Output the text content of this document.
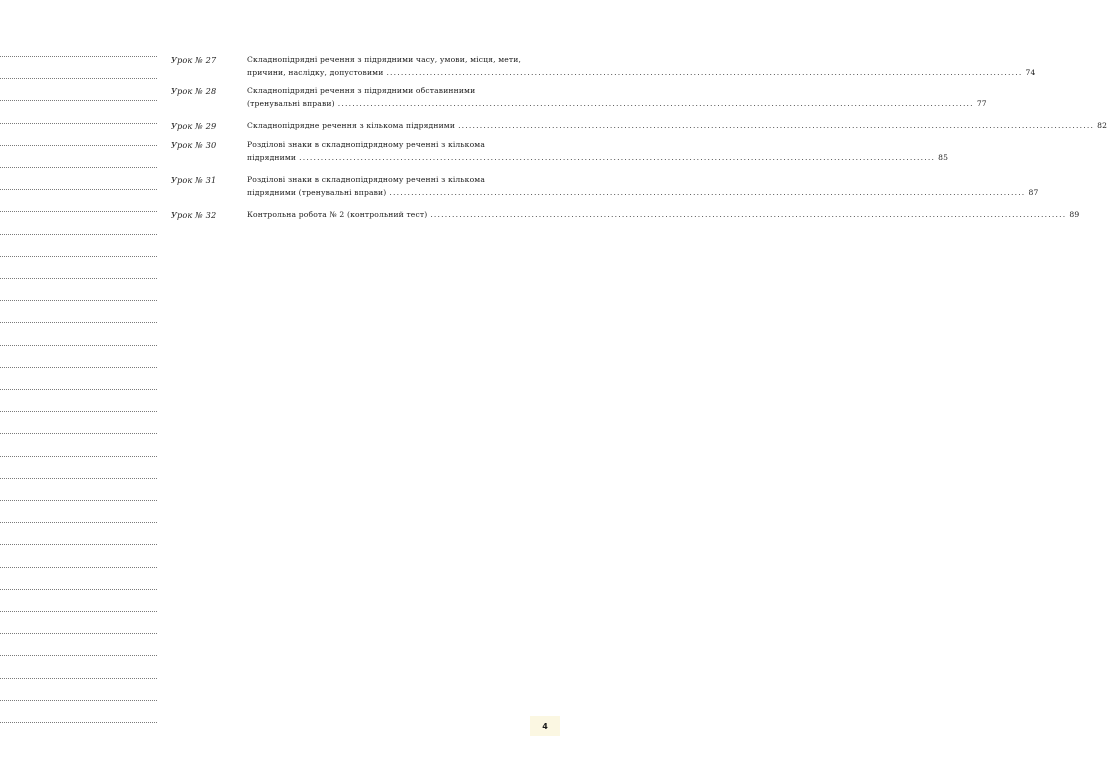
Урок № 27	Складнопідрядні речення з підрядними часу, умови, місця, мети,
причини, наслідку, допустовими .....	74
Урок № 28	Складнопідрядні речення з підрядними обставинними
(тренувальні вправи) .....	77
Урок № 29	Складнопідрядне речення з кількома підрядними .....	82
Урок № 30	Розділові знаки в складнопідрядному реченні з кількома
підрядними .....	85
Урок № 31	Розділові знаки в складнопідрядному реченні з кількома
підрядними (тренувальні вправи) .....	87
Урок № 32	Контрольна робота № 2 (контрольний тест) .....	89
4
